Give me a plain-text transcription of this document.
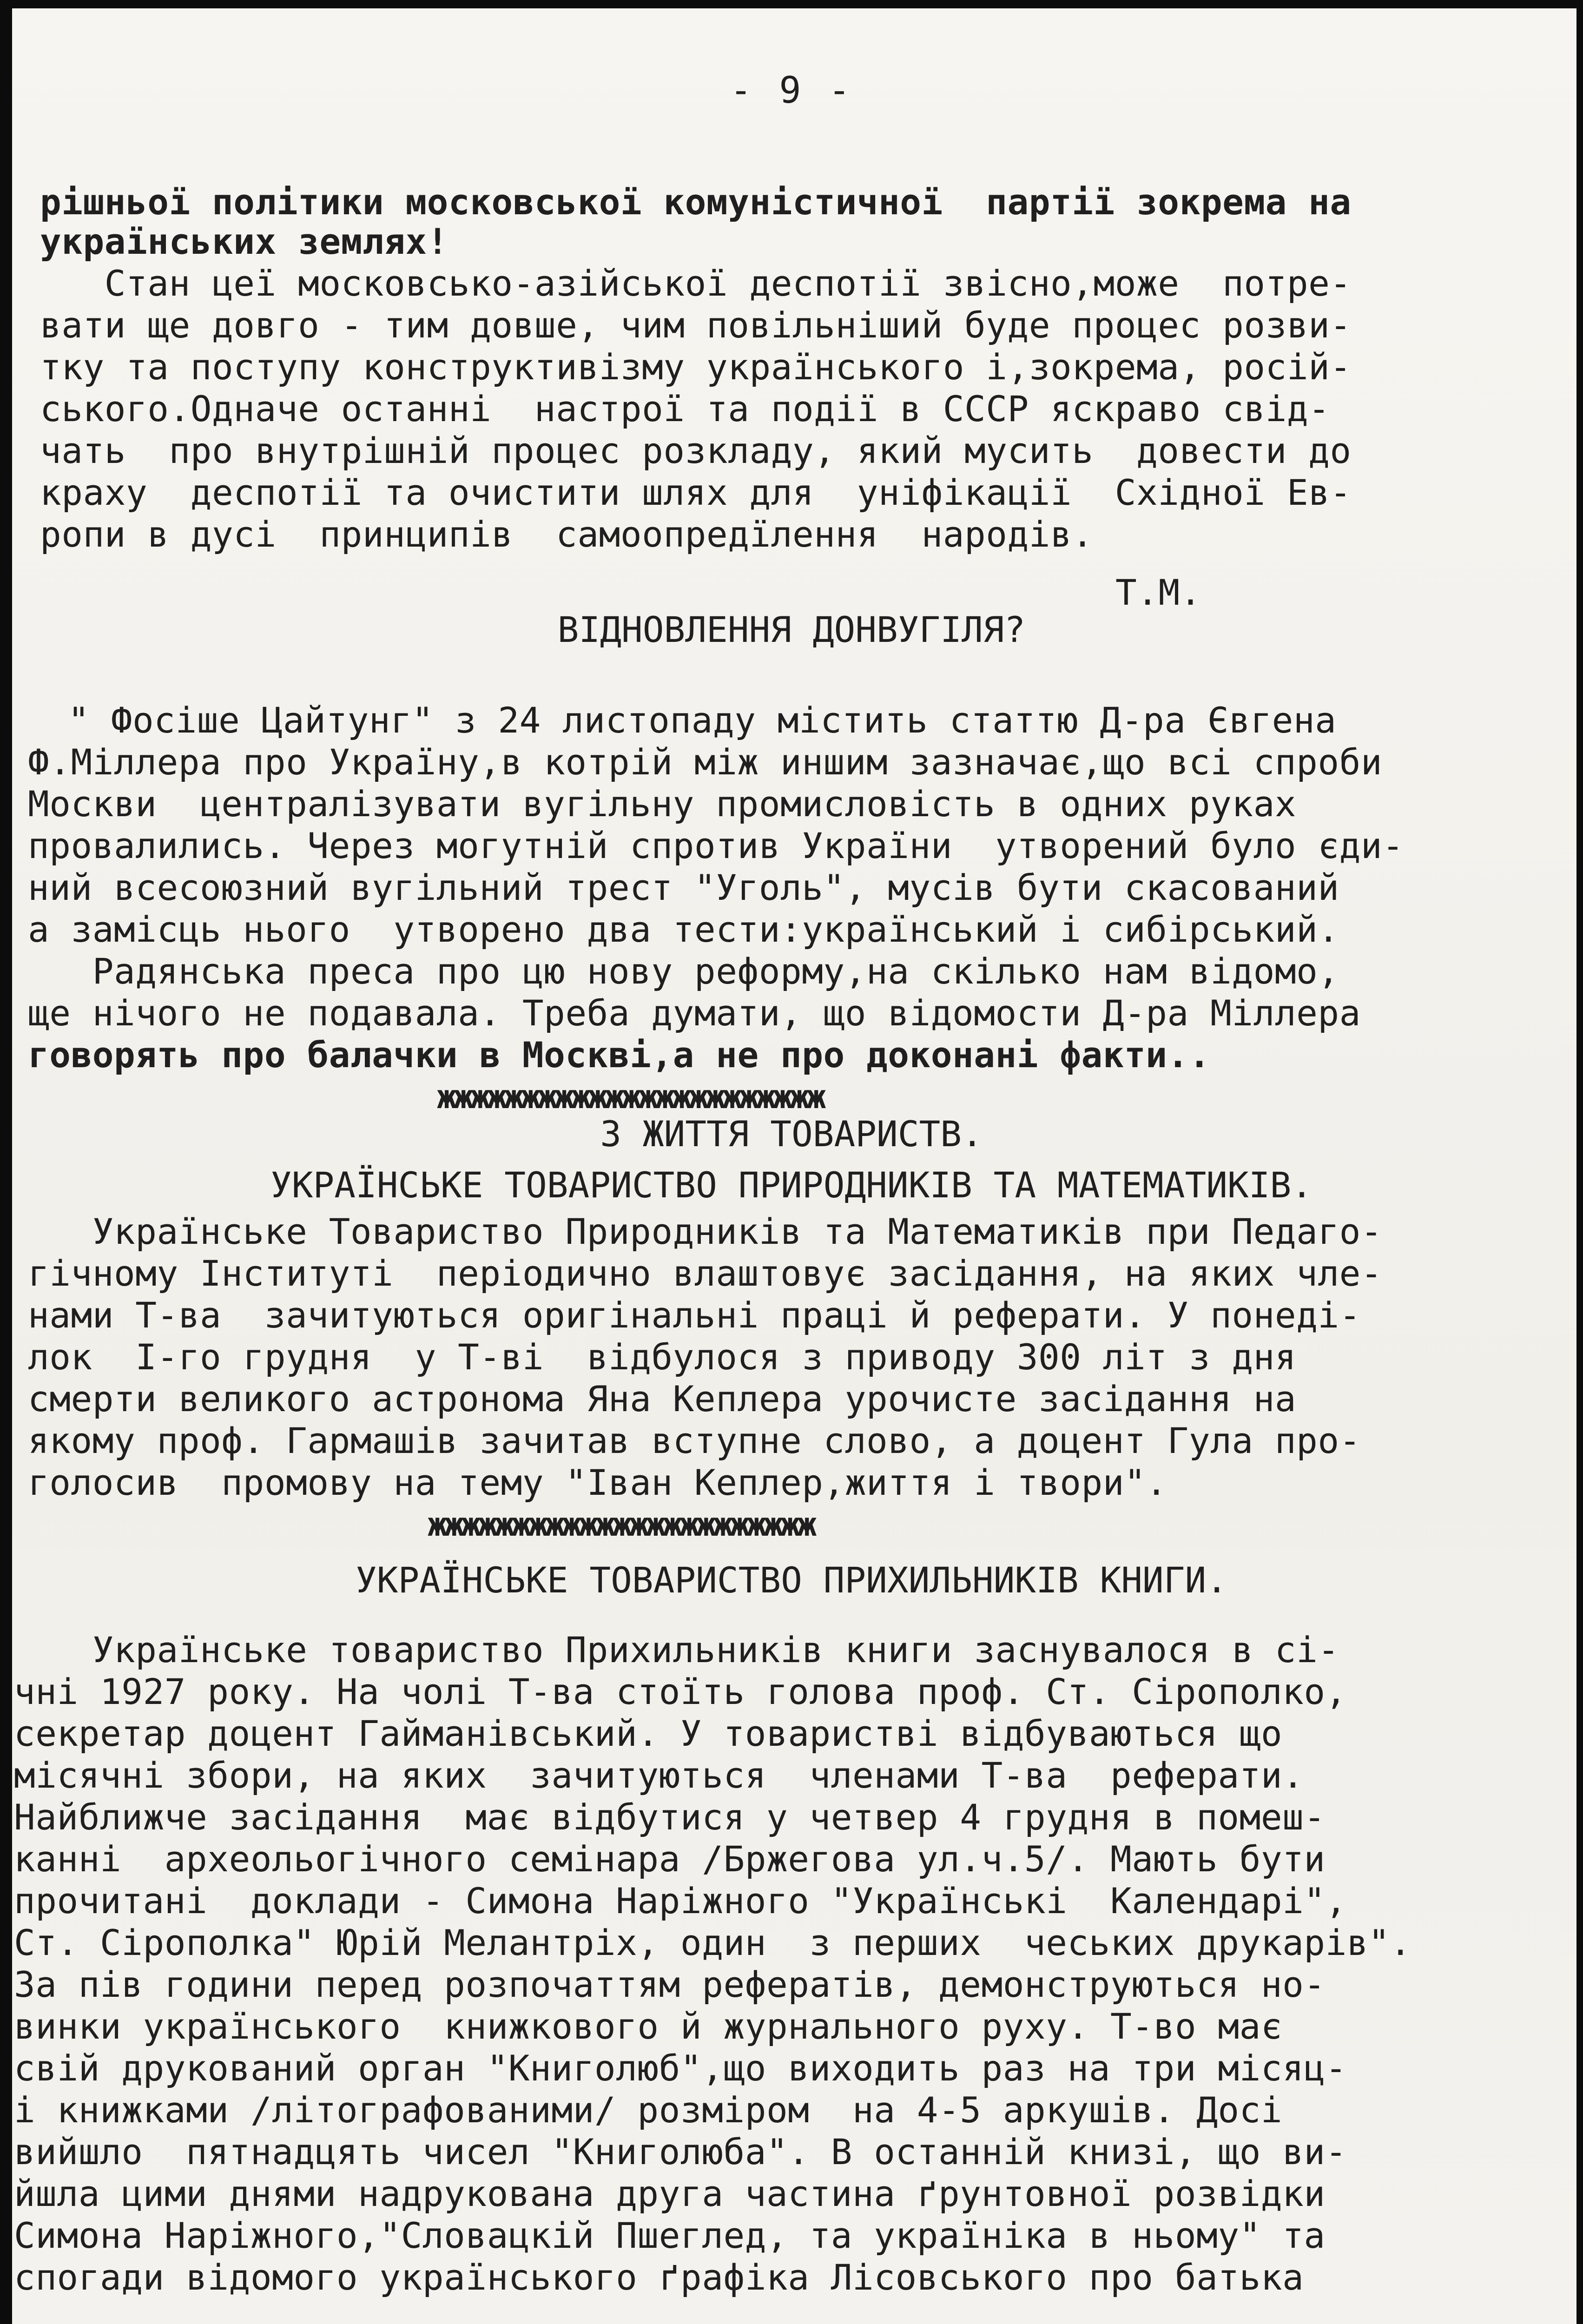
- 9 -
рішньої політики московської комуністичної  партії зокрема на
українських землях!
Стан цеї московсько-азійської деспотії звісно,може  потре-
вати ще довго - тим довше, чим повільніший буде процес розви-
тку та поступу конструктивізму українського і,зокрема, росій-
ського.Одначе останні  настрої та події в СССР яскраво свід-
чать  про внутрішній процес розкладу, який мусить  довести до
краху  деспотії та очистити шлях для  уніфікації  Східної Ев-
ропи в дусі  принципів  самоопредїлення  народів.
Т.М.
ВІДНОВЛЕННЯ ДОНВУГІЛЯ?
" Фосіше Цайтунг" з 24 листопаду містить статтю Д-ра Євгена
Ф.Міллера про Україну,в котрій між иншим зазначає,що всі спроби
Москви  централізувати вугільну промисловість в одних руках
провалились. Через могутній спротив України  утворений було єди-
ний всесоюзний вугільний трест "Уголь", мусів бути скасований
а замісць нього  утворено два тести:український і сибірський.
Радянська преса про цю нову реформу,на скілько нам відомо,
ще нічого не подавала. Треба думати, що відомости Д-ра Міллера
говорять про балачки в Москві,а не про доконані факти..
жжжжжжжжжжжжжжжжжжжжжжж
З ЖИТТЯ ТОВАРИСТВ.
УКРАЇНСЬКЕ ТОВАРИСТВО ПРИРОДНИКІВ ТА МАТЕМАТИКІВ.
Українське Товариство Природників та Математиків при Педаго-
гічному Інституті  періодично влаштовує засідання, на яких чле-
нами Т-ва  зачитуються оригінальні праці й реферати. У понеді-
лок  І-го грудня  у Т-ві  відбулося з приводу 300 літ з дня
смерти великого астронома Яна Кеплера урочисте засідання на
якому проф. Гармашів зачитав вступне слово, а доцент Гула про-
голосив  промову на тему "Іван Кеплер,життя і твори".
жжжжжжжжжжжжжжжжжжжжжжж
УКРАЇНСЬКЕ ТОВАРИСТВО ПРИХИЛЬНИКІВ КНИГИ.
Українське товариство Прихильників книги заснувалося в сі-
чні 1927 року. На чолі Т-ва стоїть голова проф. Ст. Сірополко,
секретар доцент Гайманівський. У товаристві відбуваються що
місячні збори, на яких  зачитуються  членами Т-ва  реферати.
Найближче засідання  має відбутися у четвер 4 грудня в помеш-
канні  археольогічного семінара /Бржегова ул.ч.5/. Мають бути
прочитані  доклади - Симона Наріжного "Українські  Календарі",
Ст. Сірополка" Юрій Мелантріх, один  з перших  чеських друкарів".
За пів години перед розпочаттям рефератів, демонструються но-
винки українського  книжкового й журнального руху. Т-во має
свій друкований орган "Книголюб",що виходить раз на три місяц-
і книжками /літографованими/ розміром  на 4-5 аркушів. Досі
вийшло  пятнадцять чисел "Книголюба". В останній книзі, що ви-
йшла цими днями надрукована друга частина ґрунтовної розвідки
Симона Наріжного,"Словацкій Пшеглед, та україніка в ньому" та
спогади відомого українського ґрафіка Лісовського про батька
